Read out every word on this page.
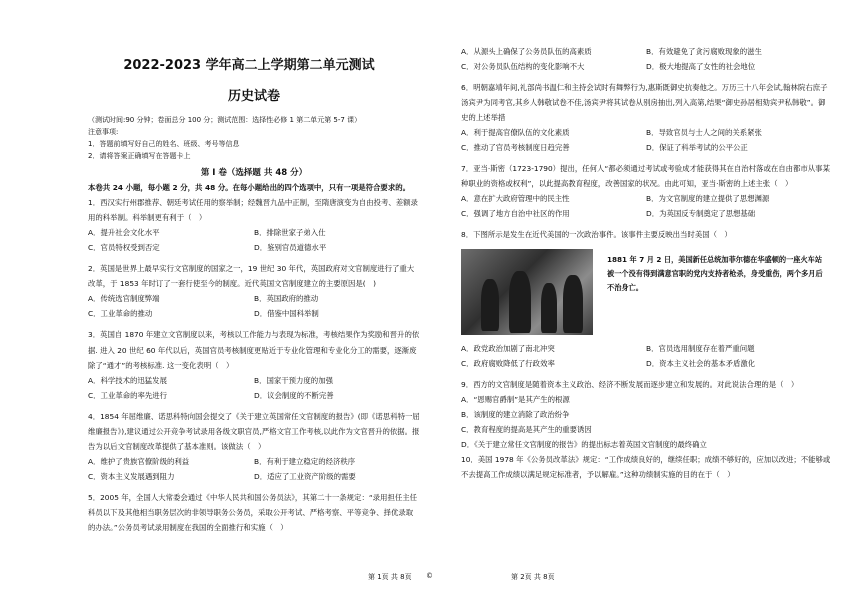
2022-2023 学年高二上学期第二单元测试
历史试卷
（测试时间:90 分钟；卷面总分 100 分；测试范围：选择性必修 1 第二单元第 5-7 课）
注意事项:
1．答题前填写好自己的姓名、班级、考号等信息
2．请将答案正确填写在答题卡上
第 I 卷（选择题 共 48 分）
本卷共 24 小题，每小题 2 分，共 48 分。在每小题给出的四个选项中，只有一项是符合要求的。
1．西汉实行州郡推荐、朝廷考试任用的察举制；经魏晋九品中正制，至隋唐演变为自由投考、差额录用的科举制。科举制更有利于（　）
A．提升社会文化水平	B．排除世家子弟入仕
C．官员特权受到否定	D．鉴别官员道德水平
2．英国是世界上最早实行文官制度的国家之一，19 世纪 30 年代，英国政府对文官制度进行了重大改革，于 1853 年时订了一套行使至今的制度。近代英国文官制度建立的主要原因是(　)
A．传统选官制度弊端	B．英国政府的推动
C．工业革命的推动	D．借鉴中国科举制
3．英国自 1870 年建立文官制度以来，考核以工作能力与表现为标准，考核结果作为奖励和晋升的依据. 进入 20 世纪 60 年代以后，英国官员考核制度更贴近于专业化管理和专业化分工的需要，逐渐废除了“通才”的考核标准. 这一变化表明（　）
A．科学技术的迅猛发展	B．国家干预力度的加强
C．工业革命的率先进行	D．议会制度的不断完善
4．1854 年屈维廉、诺思科特向国会提交了《关于建立英国常任文官制度的报告》(即《诺思科特一屈维廉报告》),建议通过公开竞争考试录用各级文职官员,严格文官工作考核,以此作为文官晋升的依据。报告为以后文官制度改革提供了基本准则。该做法（　）
A．维护了贵族官僚阶级的利益	B．有利于建立稳定的经济秩序
C．资本主义发展遇到阻力	D．适应了工业资产阶级的需要
5．2005 年，全国人大常委会通过《中华人民共和国公务员法》，其第二十一条规定：“录用担任主任科员以下及其他相当职务层次的非领导职务公务员，采取公开考试、严格考察、平等竞争、择优录取的办法。”公务员考试录用制度在我国的全面推行和实施（　）
第 1页 共 8页 ©
A．从源头上确保了公务员队伍的高素质	B．有效避免了贪污腐败现象的滋生
C．对公务员队伍结构的变化影响不大	D．极大地提高了女性的社会地位
6．明朝嘉靖年间,礼部尚书温仁和主持会试时有舞弊行为,惠斯既御史抗奏他之。万历三十八年会试,翰林院右庶子汤宾尹为同考官,其乡人韩敬试卷不佳,汤宾尹将其试卷从别房抽出,列入高第,结果“御史孙居相劾宾尹私韩敬”。御史的上述举措
A．利于提高官僚队伍的文化素质	B．导致官员与士人之间的关系紧张
C．推动了官员考核制度日趋完善	D．保证了科举考试的公平公正
7．亚当·斯密（1723-1790）提出，任何人“都必须通过考试或考验成才能获得其在自治村落或在自由都市从事某种职业的资格或权利”，以此提高教育程度，改善国家的状况。由此可知，亚当·斯密的上述主张（　）
A．意在扩大政府管理中的民主性	B．为文官制度的建立提供了思想渊源
C．强调了地方自治中社区的作用	D．为英国反专制奠定了思想基础
8．下图所示是发生在近代美国的一次政治事件。该事件主要反映出当时美国（　）
1881 年 7 月 2 日，美国新任总统加菲尔德在华盛顿的一座火车站被一个没有得到满意官职的党内支持者枪杀，身受重伤，两个多月后不治身亡。
A．政党政治加剧了南北冲突	B．官员选用制度存在着严重问题
C．政府腐败降低了行政效率	D．资本主义社会的基本矛盾激化
9．西方的文官制度是随着资本主义政治、经济不断发展而逐步建立和发展的。对此说法合理的是（　）
A．“恩赐官爵制”是其产生的根源
B．该制度的建立消除了政治纷争
C．教育程度的提高是其产生的重要诱因
D．《关于建立常任文官制度的报告》的提出标志着英国文官制度的最终确立
10．美国 1978 年《公务员改革法》规定：“工作成绩良好的，继续任职；成绩不够好的，应加以改进；不能够或不去提高工作成绩以满足规定标准者，予以解雇。”这种功绩制实施的目的在于（　）
第 2页 共 8页
